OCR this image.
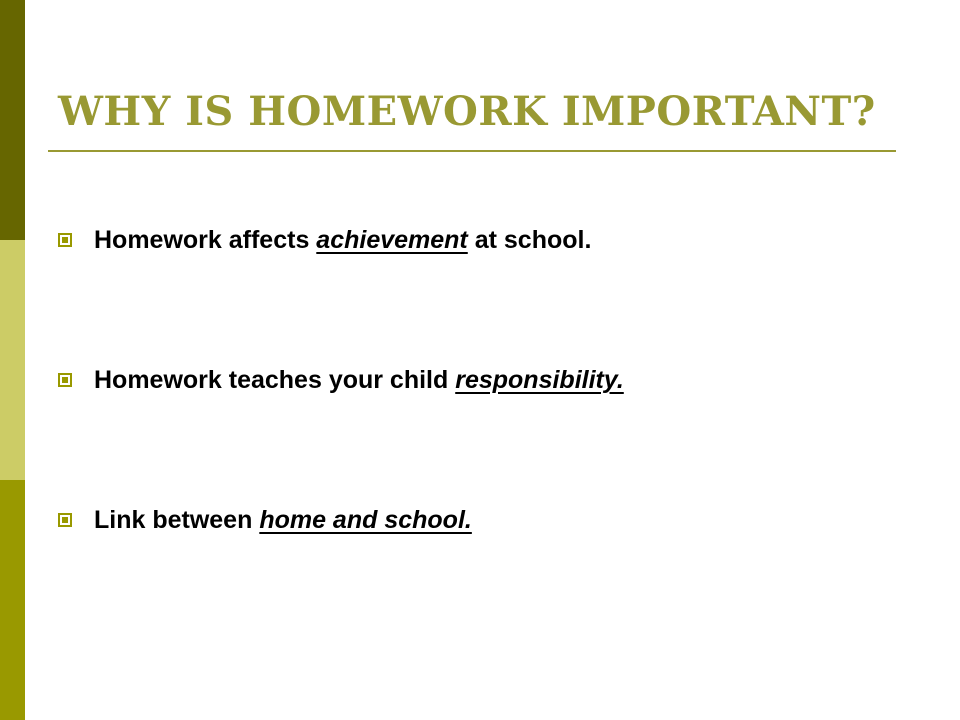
WHY IS HOMEWORK IMPORTANT?
Homework affects achievement at school.
Homework teaches your child responsibility.
Link between home and school.
